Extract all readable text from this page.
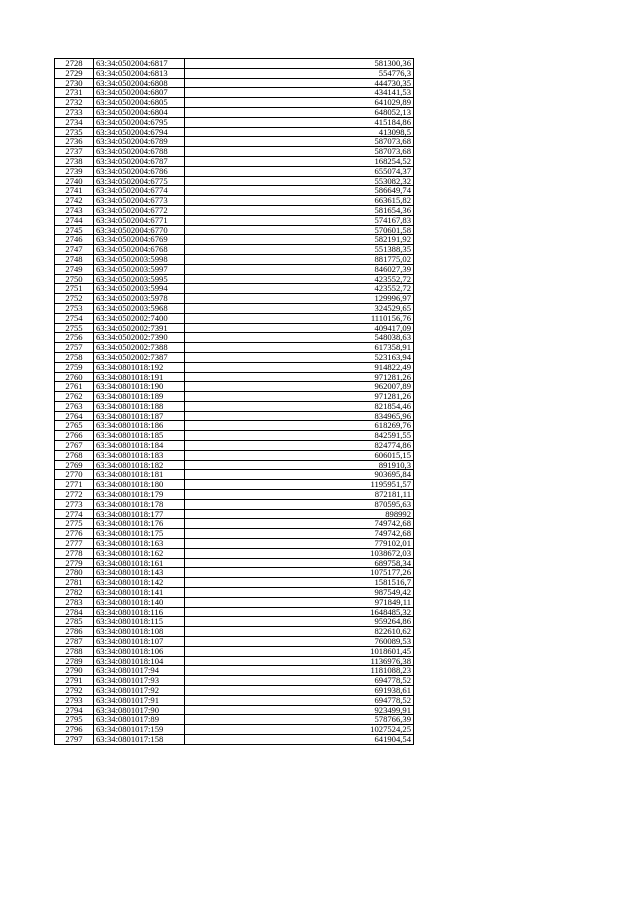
2728	63:34:0502004:6817	581300,36
2729	63:34:0502004:6813	554776,3
2730	63:34:0502004:6808	444730,35
2731	63:34:0502004:6807	434141,53
2732	63:34:0502004:6805	641029,89
2733	63:34:0502004:6804	648052,13
2734	63:34:0502004:6795	415184,86
2735	63:34:0502004:6794	413098,5
2736	63:34:0502004:6789	587073,68
2737	63:34:0502004:6788	587073,68
2738	63:34:0502004:6787	168254,52
2739	63:34:0502004:6786	655074,37
2740	63:34:0502004:6775	553082,32
2741	63:34:0502004:6774	586649,74
2742	63:34:0502004:6773	663615,82
2743	63:34:0502004:6772	581654,36
2744	63:34:0502004:6771	574167,83
2745	63:34:0502004:6770	570601,58
2746	63:34:0502004:6769	582191,92
2747	63:34:0502004:6768	551388,35
2748	63:34:0502003:5998	881775,02
2749	63:34:0502003:5997	846027,39
2750	63:34:0502003:5995	423552,72
2751	63:34:0502003:5994	423552,72
2752	63:34:0502003:5978	129996,97
2753	63:34:0502003:5968	324529,65
2754	63:34:0502002:7400	1110156,76
2755	63:34:0502002:7391	409417,09
2756	63:34:0502002:7390	548038,63
2757	63:34:0502002:7388	617358,91
2758	63:34:0502002:7387	523163,94
2759	63:34:0801018:192	914822,49
2760	63:34:0801018:191	971281,26
2761	63:34:0801018:190	962007,89
2762	63:34:0801018:189	971281,26
2763	63:34:0801018:188	821854,46
2764	63:34:0801018:187	834965,96
2765	63:34:0801018:186	618269,76
2766	63:34:0801018:185	842591,55
2767	63:34:0801018:184	824774,86
2768	63:34:0801018:183	606015,15
2769	63:34:0801018:182	891910,3
2770	63:34:0801018:181	903695,84
2771	63:34:0801018:180	1195951,57
2772	63:34:0801018:179	872181,11
2773	63:34:0801018:178	870595,63
2774	63:34:0801018:177	898992
2775	63:34:0801018:176	749742,68
2776	63:34:0801018:175	749742,68
2777	63:34:0801018:163	779102,01
2778	63:34:0801018:162	1038672,03
2779	63:34:0801018:161	689758,34
2780	63:34:0801018:143	1075177,26
2781	63:34:0801018:142	1581516,7
2782	63:34:0801018:141	987549,42
2783	63:34:0801018:140	971849,11
2784	63:34:0801018:116	1648485,32
2785	63:34:0801018:115	959264,86
2786	63:34:0801018:108	822610,62
2787	63:34:0801018:107	760089,53
2788	63:34:0801018:106	1018601,45
2789	63:34:0801018:104	1136976,38
2790	63:34:0801017:94	1181088,23
2791	63:34:0801017:93	694778,52
2792	63:34:0801017:92	691938,61
2793	63:34:0801017:91	694778,52
2794	63:34:0801017:90	923499,91
2795	63:34:0801017:89	578766,39
2796	63:34:0801017:159	1027524,25
2797	63:34:0801017:158	641904,54
